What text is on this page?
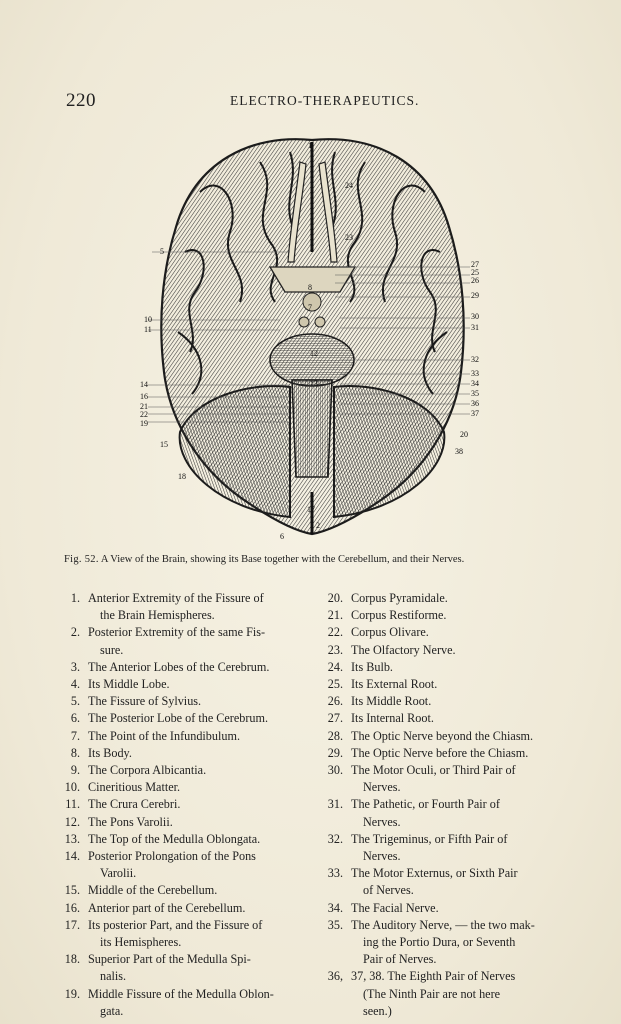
220	ELECTRO-THERAPEUTICS.
5
10
11
14
16
21
22
19
15
18
27
25
26
29
30
31
32
33
34
35
36
37
20
38
1
24
23
8
7
12
13
17
2
6
Fig. 52. A View of the Brain, showing its Base together with the Cerebellum, and their Nerves.
1. Anterior Extremity of the Fissure of
the Brain Hemispheres.
2. Posterior Extremity of the same Fis-
sure.
3. The Anterior Lobes of the Cerebrum.
4. Its Middle Lobe.
5. The Fissure of Sylvius.
6. The Posterior Lobe of the Cerebrum.
7. The Point of the Infundibulum.
8. Its Body.
9. The Corpora Albicantia.
10. Cineritious Matter.
11. The Crura Cerebri.
12. The Pons Varolii.
13. The Top of the Medulla Oblongata.
14. Posterior Prolongation of the Pons
Varolii.
15. Middle of the Cerebellum.
16. Anterior part of the Cerebellum.
17. Its posterior Part, and the Fissure of
its Hemispheres.
18. Superior Part of the Medulla Spi-
nalis.
19. Middle Fissure of the Medulla Oblon-
gata.
20. Corpus Pyramidale.
21. Corpus Restiforme.
22. Corpus Olivare.
23. The Olfactory Nerve.
24. Its Bulb.
25. Its External Root.
26. Its Middle Root.
27. Its Internal Root.
28. The Optic Nerve beyond the Chiasm.
29. The Optic Nerve before the Chiasm.
30. The Motor Oculi, or Third Pair of
Nerves.
31. The Pathetic, or Fourth Pair of
Nerves.
32. The Trigeminus, or Fifth Pair of
Nerves.
33. The Motor Externus, or Sixth Pair
of Nerves.
34. The Facial Nerve.
35. The Auditory Nerve, — the two mak-
ing the Portio Dura, or Seventh
Pair of Nerves.
36, 37, 38. The Eighth Pair of Nerves
(The Ninth Pair are not here
seen.)
